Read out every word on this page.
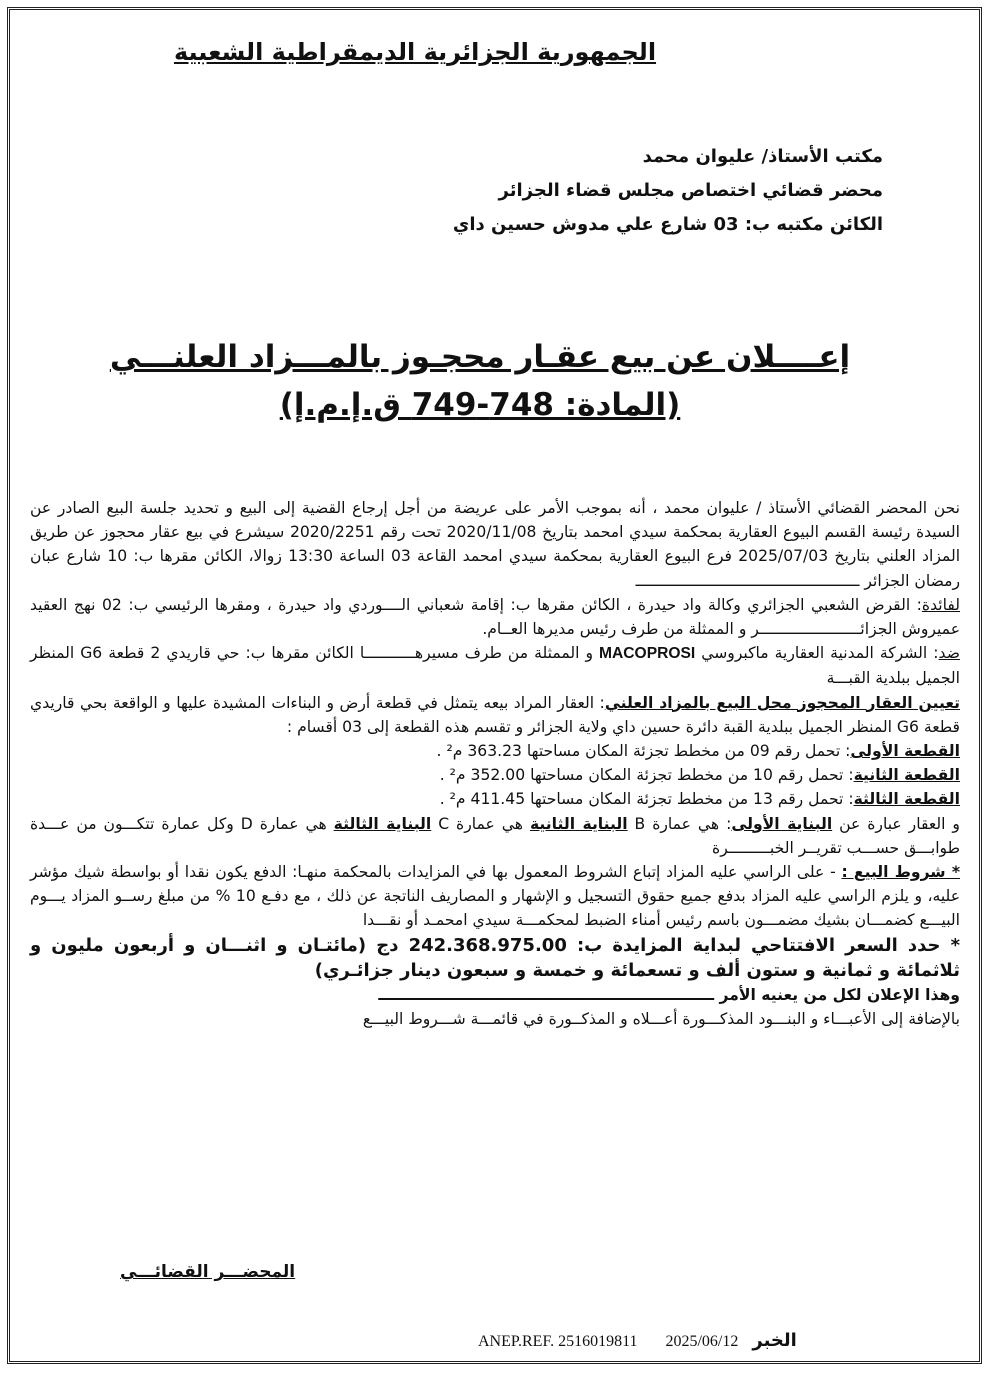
الجمهورية الجزائرية الديمقراطية الشعبية
مكتب الأستاذ/ عليوان محمد
محضر قضائي اختصاص مجلس قضاء الجزائر
الكائن مكتبه ب: 03 شارع علي مدوش حسين داي
إعــــلان عن بيع عقـار محجـوز بالمـــزاد العلنـــي
(المادة: 748-749 ق.إ.م.إ)

نحن المحضر القضائي الأستاذ / عليوان محمد ، أنه بموجب الأمر على عريضة من أجل إرجاع القضية إلى البيع و تحديد جلسة البيع الصادر عن السيدة رئيسة القسم البيوع العقارية بمحكمة سيدي امحمد بتاريخ 2020/11/08 تحت رقم 2020/2251 سيشرع في بيع عقار محجوز عن طريق المزاد العلني بتاريخ 2025/07/03 فرع البيوع العقارية بمحكمة سيدي امحمد القاعة 03 الساعة 13:30 زوالا، الكائن مقرها ب: 10 شارع عبان رمضان الجزائر ـــــــــــــــــــــــــــــــــــــــــــــــــ

لفائدة: القرض الشعبي الجزائري وكالة واد حيدرة ، الكائن مقرها ب: إقامة شعباني الــــوردي واد حيدرة ، ومقرها الرئيسي ب: 02 نهج العقيد عميروش الجزائــــــــــــــــــــــر و الممثلة من طرف رئيس مديرها العــام.

ضد: الشركة المدنية العقارية ماكبروسي MACOPROSI و الممثلة من طرف مسيرهـــــــــــا الكائن مقرها ب: حي قاريدي 2 قطعة G6 المنظر الجميل ببلدية القبـــة

تعيين العقار المحجوز محل البيع بالمزاد العلني: العقار المراد بيعه يتمثل في قطعة أرض و البناءات المشيدة عليها و الواقعة بحي قاريدي قطعة G6 المنظر الجميل ببلدية القبة دائرة حسين داي ولاية الجزائر و تقسم هذه القطعة إلى 03 أقسام :

القطعة الأولى: تحمل رقم 09 من مخطط تجزئة المكان مساحتها 363.23 م² .

القطعة الثانية: تحمل رقم 10 من مخطط تجزئة المكان مساحتها 352.00 م² .

القطعة الثالثة: تحمل رقم 13 من مخطط تجزئة المكان مساحتها 411.45 م² .

و العقار عبارة عن البناية الأولى: هي عمارة B البناية الثانية هي عمارة C البناية الثالثة هي عمارة D وكل عمارة تتكـــون من عـــدة طوابـــق حســـب تقريــر الخبـــــــــرة

* شروط البيع : - على الراسي عليه المزاد إتباع الشروط المعمول بها في المزايدات بالمحكمة منهـا: الدفع يكون نقدا أو بواسطة شيك مؤشر عليه، و يلزم الراسي عليه المزاد بدفع جميع حقوق التسجيل و الإشهار و المصاريف الناتجة عن ذلك ، مع دفـع 10 % من مبلغ رســو المزاد يـــوم البيـــع كضمـــان بشيك مضمـــون باسم رئيس أمناء الضبط لمحكمـــة سيدي امحمـد أو نقـــدا

* حدد السعر الافتتاحي لبداية المزايدة ب: 242.368.975.00 دج (مائتـان و اثنـــان و أربعون مليون و ثلاثمائة و ثمانية و ستون ألف و تسعمائة و خمسة و سبعون دينار جزائـري)

وهذا الإعلان لكل من يعنيه الأمر ـــــــــــــــــــــــــــــــــــــــــــــــــــــــــــــــ

بالإضافة إلى الأعبـــاء و البنـــود المذكـــورة أعـــلاه و المذكــورة في قائمـــة شـــروط البيـــع

المحضـــر القضائـــي
ANEP.REF. 2516019811 2025/06/12 الخبر
